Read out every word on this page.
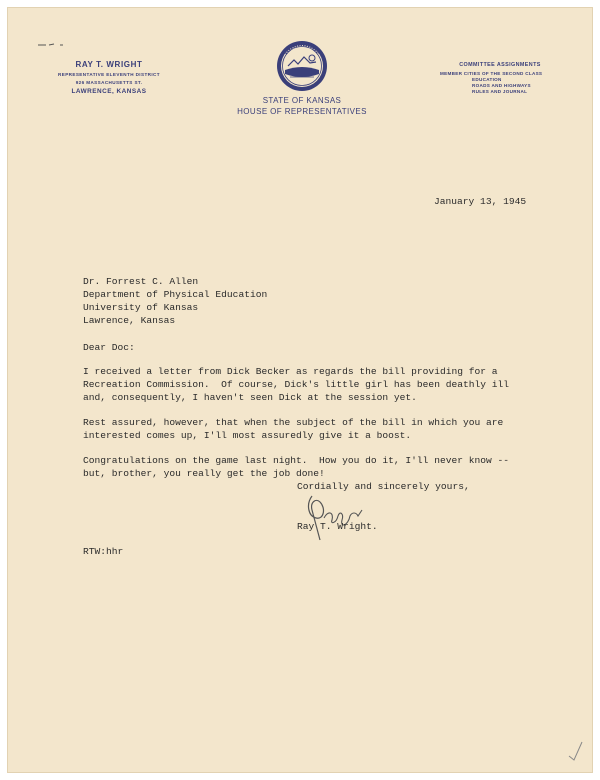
RAY T. WRIGHT
REPRESENTATIVE ELEVENTH DISTRICT
926 MASSACHUSETTS ST.
LAWRENCE, KANSAS
STATE OF KANSAS
HOUSE OF REPRESENTATIVES
COMMITTEE ASSIGNMENTS
MEMBER CITIES OF THE SECOND CLASS
EDUCATION
ROADS AND HIGHWAYS
RULES AND JOURNAL
January 13, 1945
Dr. Forrest C. Allen
Department of Physical Education
University of Kansas
Lawrence, Kansas
Dear Doc:
I received a letter from Dick Becker as regards the bill providing for a
Recreation Commission.  Of course, Dick's little girl has been deathly ill
and, consequently, I haven't seen Dick at the session yet.
Rest assured, however, that when the subject of the bill in which you are
interested comes up, I'll most assuredly give it a boost.
Congratulations on the game last night.  How you do it, I'll never know --
but, brother, you really get the job done!
Cordially and sincerely yours,
Ray T. Wright.
RTW:hhr
